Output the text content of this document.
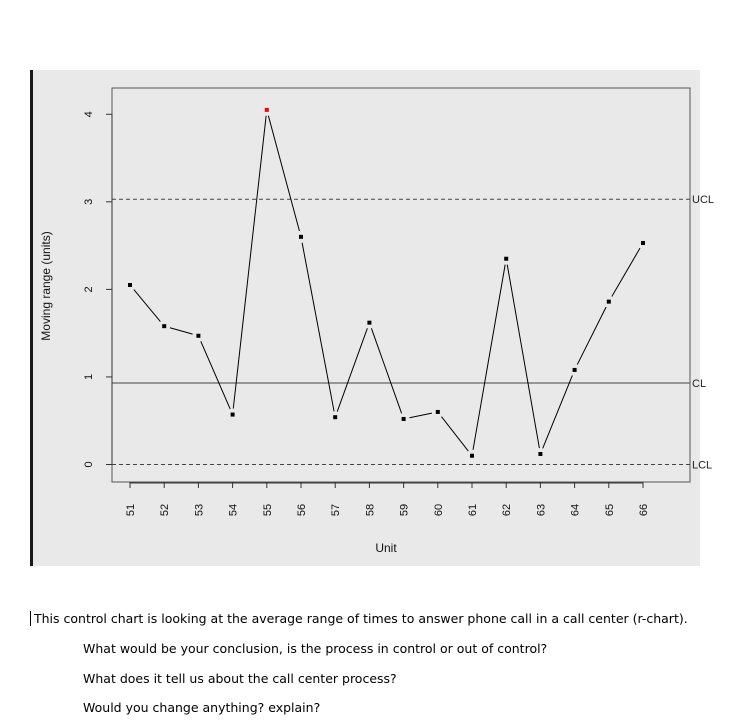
UCL
CL
LCL
0
1
2
3
4
Moving range (units)
51 52 53 54 55 56 57 58 59 60 61 62 63 64 65 66
Unit
This control chart is looking at the average range of times to answer phone call in a call center (r-chart).
What would be your conclusion, is the process in control or out of control?
What does it tell us about the call center process?
Would you change anything? explain?
